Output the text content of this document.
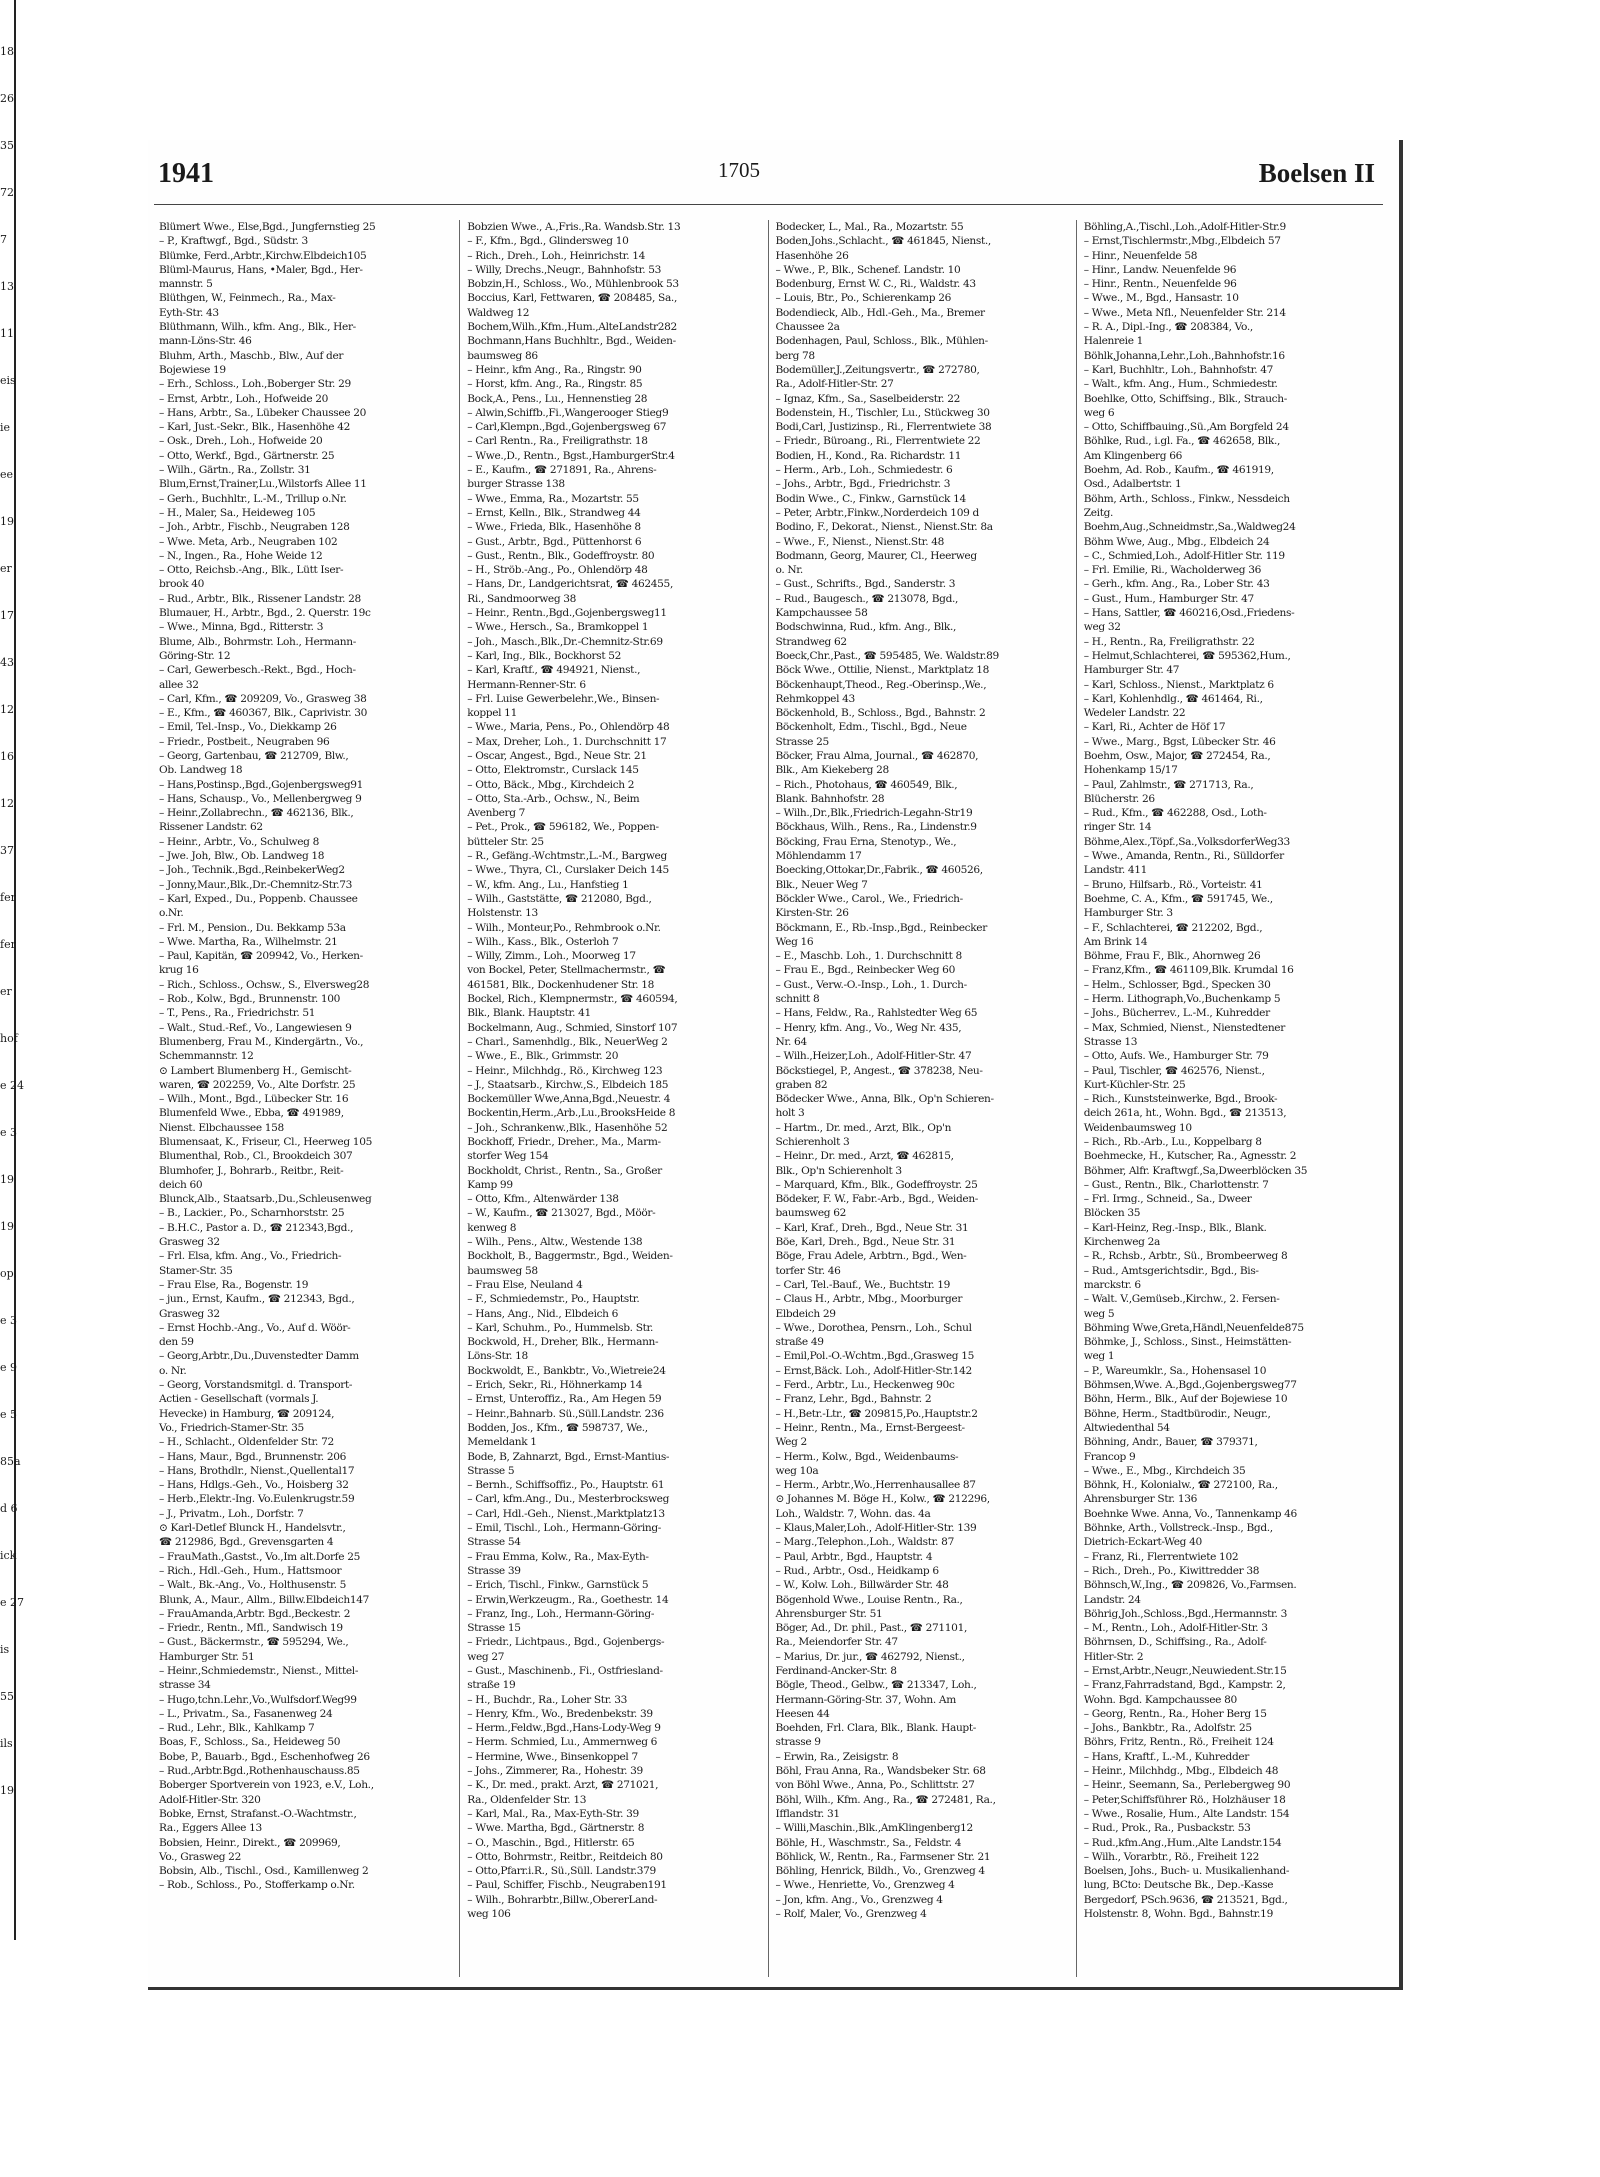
18
26
35
72
7
13
11
eis
ie
ee
19
er
17
43
12
16
12
37
fer
fer
er
hof
e 24
e 3
19
19
op,
e 3
e 9
e 5
85a
d 6
ick
e 27
is
55
ils
19
1941	1705	Boelsen II
Blümert Wwe., Else,Bgd., Jungfernstieg 25
– P., Kraftwgf., Bgd., Südstr. 3
Blümke, Ferd.,Arbtr.,Kirchw.Elbdeich105
Blüml-Maurus, Hans, •Maler, Bgd., Her-
mannstr. 5
Blüthgen, W., Feinmech., Ra., Max-
Eyth-Str. 43
Blüthmann, Wilh., kfm. Ang., Blk., Her-
mann-Löns-Str. 46
Bluhm, Arth., Maschb., Blw., Auf der
Bojewiese 19
– Erh., Schloss., Loh.,Boberger Str. 29
– Ernst, Arbtr., Loh., Hofweide 20
– Hans, Arbtr., Sa., Lübeker Chaussee 20
– Karl, Just.-Sekr., Blk., Hasenhöhe 42
– Osk., Dreh., Loh., Hofweide 20
– Otto, Werkf., Bgd., Gärtnerstr. 25
– Wilh., Gärtn., Ra., Zollstr. 31
Blum,Ernst,Trainer,Lu.,Wilstorfs Allee 11
– Gerh., Buchhltr., L.-M., Trillup o.Nr.
– H., Maler, Sa., Heideweg 105
– Joh., Arbtr., Fischb., Neugraben 128
– Wwe. Meta, Arb., Neugraben 102
– N., Ingen., Ra., Hohe Weide 12
– Otto, Reichsb.-Ang., Blk., Lütt Iser-
brook 40
– Rud., Arbtr., Blk., Rissener Landstr. 28
Blumauer, H., Arbtr., Bgd., 2. Querstr. 19c
– Wwe., Minna, Bgd., Ritterstr. 3
Blume, Alb., Bohrmstr. Loh., Hermann-
Göring-Str. 12
– Carl, Gewerbesch.-Rekt., Bgd., Hoch-
allee 32
– Carl, Kfm., ☎ 209209, Vo., Grasweg 38
– E., Kfm., ☎ 460367, Blk., Caprivistr. 30
– Emil, Tel.-Insp., Vo., Diekkamp 26
– Friedr., Postbeit., Neugraben 96
– Georg, Gartenbau, ☎ 212709, Blw.,
Ob. Landweg 18
– Hans,Postinsp.,Bgd.,Gojenbergsweg91
– Hans, Schausp., Vo., Mellenbergweg 9
– Heinr.,Zollabrechn., ☎ 462136, Blk.,
Rissener Landstr. 62
– Heinr., Arbtr., Vo., Schulweg 8
– Jwe. Joh, Blw., Ob. Landweg 18
– Joh., Technik.,Bgd.,ReinbekerWeg2
– Jonny,Maur.,Blk.,Dr.-Chemnitz-Str.73
– Karl, Exped., Du., Poppenb. Chaussee
o.Nr.
– Frl. M., Pension., Du. Bekkamp 53a
– Wwe. Martha, Ra., Wilhelmstr. 21
– Paul, Kapitän, ☎ 209942, Vo., Herken-
krug 16
– Rich., Schloss., Ochsw., S., Elversweg28
– Rob., Kolw., Bgd., Brunnenstr. 100
– T., Pens., Ra., Friedrichstr. 51
– Walt., Stud.-Ref., Vo., Langewiesen 9
Blumenberg, Frau M., Kindergärtn., Vo.,
Schemmannstr. 12
⊙ Lambert Blumenberg H., Gemischt-
waren, ☎ 202259, Vo., Alte Dorfstr. 25
– Wilh., Mont., Bgd., Lübecker Str. 16
Blumenfeld Wwe., Ebba, ☎ 491989,
Nienst. Elbchaussee 158
Blumensaat, K., Friseur, Cl., Heerweg 105
Blumenthal, Rob., Cl., Brookdeich 307
Blumhofer, J., Bohrarb., Reitbr., Reit-
deich 60
Blunck,Alb., Staatsarb.,Du.,Schleusenweg
– B., Lackier., Po., Scharnhorststr. 25
– B.H.C., Pastor a. D., ☎ 212343,Bgd.,
Grasweg 32
– Frl. Elsa, kfm. Ang., Vo., Friedrich-
Stamer-Str. 35
– Frau Else, Ra., Bogenstr. 19
– jun., Ernst, Kaufm., ☎ 212343, Bgd.,
Grasweg 32
– Ernst Hochb.-Ang., Vo., Auf d. Wöör-
den 59
– Georg,Arbtr.,Du.,Duvenstedter Damm
o. Nr.
– Georg, Vorstandsmitgl. d. Transport-
Actien - Gesellschaft (vormals J.
Hevecke) in Hamburg, ☎ 209124,
Vo., Friedrich-Stamer-Str. 35
– H., Schlacht., Oldenfelder Str. 72
– Hans, Maur., Bgd., Brunnenstr. 206
– Hans, Brothdlr., Nienst.,Quellental17
– Hans, Hdlgs.-Geh., Vo., Hoisberg 32
– Herb.,Elektr.-Ing. Vo.Eulenkrugstr.59
– J., Privatm., Loh., Dorfstr. 7
⊙ Karl-Detlef Blunck H., Handelsvtr.,
☎ 212986, Bgd., Grevensgarten 4
– FrauMath.,Gastst., Vo.,Im alt.Dorfe 25
– Rich., Hdl.-Geh., Hum., Hattsmoor
– Walt., Bk.-Ang., Vo., Holthusenstr. 5
Blunk, A., Maur., Allm., Billw.Elbdeich147
– FrauAmanda,Arbtr. Bgd.,Beckestr. 2
– Friedr., Rentn., Mfl., Sandwisch 19
– Gust., Bäckermstr., ☎ 595294, We.,
Hamburger Str. 51
– Heinr.,Schmiedemstr., Nienst., Mittel-
strasse 34
– Hugo,tchn.Lehr.,Vo.,Wulfsdorf.Weg99
– L., Privatm., Sa., Fasanenweg 24
– Rud., Lehr., Blk., Kahlkamp 7
Boas, F., Schloss., Sa., Heideweg 50
Bobe, P., Bauarb., Bgd., Eschenhofweg 26
– Rud.,Arbtr.Bgd.,Rothenhauschauss.85
Boberger Sportverein von 1923, e.V., Loh.,
Adolf-Hitler-Str. 320
Bobke, Ernst, Strafanst.-O.-Wachtmstr.,
Ra., Eggers Allee 13
Bobsien, Heinr., Direkt., ☎ 209969,
Vo., Grasweg 22
Bobsin, Alb., Tischl., Osd., Kamillenweg 2
– Rob., Schloss., Po., Stofferkamp o.Nr.
Bobzien Wwe., A.,Fris.,Ra. Wandsb.Str. 13
– F., Kfm., Bgd., Glindersweg 10
– Rich., Dreh., Loh., Heinrichstr. 14
– Willy, Drechs.,Neugr., Bahnhofstr. 53
Bobzin,H., Schloss., Wo., Mühlenbrook 53
Boccius, Karl, Fettwaren, ☎ 208485, Sa.,
Waldweg 12
Bochem,Wilh.,Kfm.,Hum.,AlteLandstr282
Bochmann,Hans Buchhltr., Bgd., Weiden-
baumsweg 86
– Heinr., kfm Ang., Ra., Ringstr. 90
– Horst, kfm. Ang., Ra., Ringstr. 85
Bock,A., Pens., Lu., Hennenstieg 28
– Alwin,Schiffb.,Fi.,Wangerooger Stieg9
– Carl,Klempn.,Bgd.,Gojenbergsweg 67
– Carl Rentn., Ra., Freiligrathstr. 18
– Wwe.,D., Rentn., Bgst.,HamburgerStr.4
– E., Kaufm., ☎ 271891, Ra., Ahrens-
burger Strasse 138
– Wwe., Emma, Ra., Mozartstr. 55
– Ernst, Kelln., Blk., Strandweg 44
– Wwe., Frieda, Blk., Hasenhöhe 8
– Gust., Arbtr., Bgd., Püttenhorst 6
– Gust., Rentn., Blk., Godeffroystr. 80
– H., Ströb.-Ang., Po., Ohlendörp 48
– Hans, Dr., Landgerichtsrat, ☎ 462455,
Ri., Sandmoorweg 38
– Heinr., Rentn.,Bgd.,Gojenbergsweg11
– Wwe., Hersch., Sa., Bramkoppel 1
– Joh., Masch.,Blk.,Dr.-Chemnitz-Str.69
– Karl, Ing., Blk., Bockhorst 52
– Karl, Kraftf., ☎ 494921, Nienst.,
Hermann-Renner-Str. 6
– Frl. Luise Gewerbelehr.,We., Binsen-
koppel 11
– Wwe., Maria, Pens., Po., Ohlendörp 48
– Max, Dreher, Loh., 1. Durchschnitt 17
– Oscar, Angest., Bgd., Neue Str. 21
– Otto, Elektromstr., Curslack 145
– Otto, Bäck., Mbg., Kirchdeich 2
– Otto, Sta.-Arb., Ochsw., N., Beim
Avenberg 7
– Pet., Prok., ☎ 596182, We., Poppen-
bütteler Str. 25
– R., Gefäng.-Wchtmstr.,L.-M., Bargweg
– Wwe., Thyra, Cl., Curslaker Deich 145
– W., kfm. Ang., Lu., Hanfstieg 1
– Wilh., Gaststätte, ☎ 212080, Bgd.,
Holstenstr. 13
– Wilh., Monteur,Po., Rehmbrook o.Nr.
– Wilh., Kass., Blk., Osterloh 7
– Willy, Zimm., Loh., Moorweg 17
von Bockel, Peter, Stellmachermstr., ☎
461581, Blk., Dockenhudener Str. 18
Bockel, Rich., Klempnermstr., ☎ 460594,
Blk., Blank. Hauptstr. 41
Bockelmann, Aug., Schmied, Sinstorf 107
– Charl., Samenhdlg., Blk., NeuerWeg 2
– Wwe., E., Blk., Grimmstr. 20
– Heinr., Milchhdg., Rö., Kirchweg 123
– J., Staatsarb., Kirchw.,S., Elbdeich 185
Bockemüller Wwe,Anna,Bgd.,Neuestr. 4
Bockentin,Herm.,Arb.,Lu.,BrooksHeide 8
– Joh., Schrankenw.,Blk., Hasenhöhe 52
Bockhoff, Friedr., Dreher., Ma., Marm-
storfer Weg 154
Bockholdt, Christ., Rentn., Sa., Großer
Kamp 99
– Otto, Kfm., Altenwärder 138
– W., Kaufm., ☎ 213027, Bgd., Möör-
kenweg 8
– Wilh., Pens., Altw., Westende 138
Bockholt, B., Baggermstr., Bgd., Weiden-
baumsweg 58
– Frau Else, Neuland 4
– F., Schmiedemstr., Po., Hauptstr.
– Hans, Ang., Nid., Elbdeich 6
– Karl, Schuhm., Po., Hummelsb. Str.
Bockwold, H., Dreher, Blk., Hermann-
Löns-Str. 18
Bockwoldt, E., Bankbtr., Vo.,Wietreie24
– Erich, Sekr., Ri., Höhnerkamp 14
– Ernst, Unteroffiz., Ra., Am Hegen 59
– Heinr.,Bahnarb. Sü.,Süll.Landstr. 236
Bodden, Jos., Kfm., ☎ 598737, We.,
Memeldank 1
Bode, B, Zahnarzt, Bgd., Ernst-Mantius-
Strasse 5
– Bernh., Schiffsoffiz., Po., Hauptstr. 61
– Carl, kfm.Ang., Du., Mesterbrocksweg
– Carl, Hdl.-Geh., Nienst.,Marktplatz13
– Emil, Tischl., Loh., Hermann-Göring-
Strasse 54
– Frau Emma, Kolw., Ra., Max-Eyth-
Strasse 39
– Erich, Tischl., Finkw., Garnstück 5
– Erwin,Werkzeugm., Ra., Goethestr. 14
– Franz, Ing., Loh., Hermann-Göring-
Strasse 15
– Friedr., Lichtpaus., Bgd., Gojenbergs-
weg 27
– Gust., Maschinenb., Fi., Ostfriesland-
straße 19
– H., Buchdr., Ra., Loher Str. 33
– Henry, Kfm., Wo., Bredenbekstr. 39
– Herm.,Feldw.,Bgd.,Hans-Lody-Weg 9
– Herm. Schmied, Lu., Ammernweg 6
– Hermine, Wwe., Binsenkoppel 7
– Johs., Zimmerer, Ra., Hohestr. 39
– K., Dr. med., prakt. Arzt, ☎ 271021,
Ra., Oldenfelder Str. 13
– Karl, Mal., Ra., Max-Eyth-Str. 39
– Wwe. Martha, Bgd., Gärtnerstr. 8
– O., Maschin., Bgd., Hitlerstr. 65
– Otto, Bohrmstr., Reitbr., Reitdeich 80
– Otto,Pfarr.i.R., Sü.,Süll. Landstr.379
– Paul, Schiffer, Fischb., Neugraben191
– Wilh., Bohrarbtr.,Billw.,ObererLand-
weg 106
Bodecker, L., Mal., Ra., Mozartstr. 55
Boden,Johs.,Schlacht., ☎ 461845, Nienst.,
Hasenhöhe 26
– Wwe., P., Blk., Schenef. Landstr. 10
Bodenburg, Ernst W. C., Ri., Waldstr. 43
– Louis, Btr., Po., Schierenkamp 26
Bodendieck, Alb., Hdl.-Geh., Ma., Bremer
Chaussee 2a
Bodenhagen, Paul, Schloss., Blk., Mühlen-
berg 78
Bodemüller,J.,Zeitungsvertr., ☎ 272780,
Ra., Adolf-Hitler-Str. 27
– Ignaz, Kfm., Sa., Saselbeiderstr. 22
Bodenstein, H., Tischler, Lu., Stückweg 30
Bodi,Carl, Justizinsp., Ri., Flerrentwiete 38
– Friedr., Büroang., Ri., Flerrentwiete 22
Bodien, H., Kond., Ra. Richardstr. 11
– Herm., Arb., Loh., Schmiedestr. 6
– Johs., Arbtr., Bgd., Friedrichstr. 3
Bodin Wwe., C., Finkw., Garnstück 14
– Peter, Arbtr.,Finkw.,Norderdeich 109 d
Bodino, F., Dekorat., Nienst., Nienst.Str. 8a
– Wwe., F., Nienst., Nienst.Str. 48
Bodmann, Georg, Maurer, Cl., Heerweg
o. Nr.
– Gust., Schrifts., Bgd., Sanderstr. 3
– Rud., Baugesch., ☎ 213078, Bgd.,
Kampchaussee 58
Bodschwinna, Rud., kfm. Ang., Blk.,
Strandweg 62
Boeck,Chr.,Past., ☎ 595485, We. Waldstr.89
Böck Wwe., Ottilie, Nienst., Marktplatz 18
Böckenhaupt,Theod., Reg.-Oberinsp.,We.,
Rehmkoppel 43
Böckenhold, B., Schloss., Bgd., Bahnstr. 2
Böckenholt, Edm., Tischl., Bgd., Neue
Strasse 25
Böcker, Frau Alma, Journal., ☎ 462870,
Blk., Am Kiekeberg 28
– Rich., Photohaus, ☎ 460549, Blk.,
Blank. Bahnhofstr. 28
– Wilh.,Dr.,Blk.,Friedrich-Legahn-Str19
Böckhaus, Wilh., Rens., Ra., Lindenstr.9
Böcking, Frau Erna, Stenotyp., We.,
Möhlendamm 17
Boecking,Ottokar,Dr.,Fabrik., ☎ 460526,
Blk., Neuer Weg 7
Böckler Wwe., Carol., We., Friedrich-
Kirsten-Str. 26
Böckmann, E., Rb.-Insp.,Bgd., Reinbecker
Weg 16
– E., Maschb. Loh., 1. Durchschnitt 8
– Frau E., Bgd., Reinbecker Weg 60
– Gust., Verw.-O.-Insp., Loh., 1. Durch-
schnitt 8
– Hans, Feldw., Ra., Rahlstedter Weg 65
– Henry, kfm. Ang., Vo., Weg Nr. 435,
Nr. 64
– Wilh.,Heizer,Loh., Adolf-Hitler-Str. 47
Böckstiegel, P., Angest., ☎ 378238, Neu-
graben 82
Bödecker Wwe., Anna, Blk., Op'n Schieren-
holt 3
– Hartm., Dr. med., Arzt, Blk., Op'n
Schierenholt 3
– Heinr., Dr. med., Arzt, ☎ 462815,
Blk., Op'n Schierenholt 3
– Marquard, Kfm., Blk., Godeffroystr. 25
Bödeker, F. W., Fabr.-Arb., Bgd., Weiden-
baumsweg 62
– Karl, Kraf., Dreh., Bgd., Neue Str. 31
Böe, Karl, Dreh., Bgd., Neue Str. 31
Böge, Frau Adele, Arbtrn., Bgd., Wen-
torfer Str. 46
– Carl, Tel.-Bauf., We., Buchtstr. 19
– Claus H., Arbtr., Mbg., Moorburger
Elbdeich 29
– Wwe., Dorothea, Pensrn., Loh., Schul
straße 49
– Emil,Pol.-O.-Wchtm.,Bgd.,Grasweg 15
– Ernst,Bäck. Loh., Adolf-Hitler-Str.142
– Ferd., Arbtr., Lu., Heckenweg 90c
– Franz, Lehr., Bgd., Bahnstr. 2
– H.,Betr.-Ltr., ☎ 209815,Po.,Hauptstr.2
– Heinr., Rentn., Ma., Ernst-Bergeest-
Weg 2
– Herm., Kolw., Bgd., Weidenbaums-
weg 10a
– Herm., Arbtr.,Wo.,Herrenhausallee 87
⊙ Johannes M. Böge H., Kolw., ☎ 212296,
Loh., Waldstr. 7, Wohn. das. 4a
– Klaus,Maler,Loh., Adolf-Hitler-Str. 139
– Marg.,Telephon.,Loh., Waldstr. 87
– Paul, Arbtr., Bgd., Hauptstr. 4
– Rud., Arbtr., Osd., Heidkamp 6
– W., Kolw. Loh., Billwärder Str. 48
Bögenhold Wwe., Louise Rentn., Ra.,
Ahrensburger Str. 51
Böger, Ad., Dr. phil., Past., ☎ 271101,
Ra., Meiendorfer Str. 47
– Marius, Dr. jur., ☎ 462792, Nienst.,
Ferdinand-Ancker-Str. 8
Bögle, Theod., Gelbw., ☎ 213347, Loh.,
Hermann-Göring-Str. 37, Wohn. Am
Heesen 44
Boehden, Frl. Clara, Blk., Blank. Haupt-
strasse 9
– Erwin, Ra., Zeisigstr. 8
Böhl, Frau Anna, Ra., Wandsbeker Str. 68
von Böhl Wwe., Anna, Po., Schlittstr. 27
Böhl, Wilh., Kfm. Ang., Ra., ☎ 272481, Ra.,
Ifflandstr. 31
– Willi,Maschin.,Blk.,AmKlingenberg12
Böhle, H., Waschmstr., Sa., Feldstr. 4
Böhlick, W., Rentn., Ra., Farmsener Str. 21
Böhling, Henrick, Bildh., Vo., Grenzweg 4
– Wwe., Henriette, Vo., Grenzweg 4
– Jon, kfm. Ang., Vo., Grenzweg 4
– Rolf, Maler, Vo., Grenzweg 4
Böhling,A.,Tischl.,Loh.,Adolf-Hitler-Str.9
– Ernst,Tischlermstr.,Mbg.,Elbdeich 57
– Hinr., Neuenfelde 58
– Hinr., Landw. Neuenfelde 96
– Hinr., Rentn., Neuenfelde 96
– Wwe., M., Bgd., Hansastr. 10
– Wwe., Meta Nfl., Neuenfelder Str. 214
– R. A., Dipl.-Ing., ☎ 208384, Vo.,
Halenreie 1
Böhlk,Johanna,Lehr.,Loh.,Bahnhofstr.16
– Karl, Buchhltr., Loh., Bahnhofstr. 47
– Walt., kfm. Ang., Hum., Schmiedestr.
Boehlke, Otto, Schiffsing., Blk., Strauch-
weg 6
– Otto, Schiffbauing.,Sü.,Am Borgfeld 24
Böhlke, Rud., i.gl. Fa., ☎ 462658, Blk.,
Am Klingenberg 66
Boehm, Ad. Rob., Kaufm., ☎ 461919,
Osd., Adalbertstr. 1
Böhm, Arth., Schloss., Finkw., Nessdeich
Zeitg.
Boehm,Aug.,Schneidmstr.,Sa.,Waldweg24
Böhm Wwe, Aug., Mbg., Elbdeich 24
– C., Schmied,Loh., Adolf-Hitler Str. 119
– Frl. Emilie, Ri., Wacholderweg 36
– Gerh., kfm. Ang., Ra., Lober Str. 43
– Gust., Hum., Hamburger Str. 47
– Hans, Sattler, ☎ 460216,Osd.,Friedens-
weg 32
– H., Rentn., Ra, Freiligrathstr. 22
– Helmut,Schlachterei, ☎ 595362,Hum.,
Hamburger Str. 47
– Karl, Schloss., Nienst., Marktplatz 6
– Karl, Kohlenhdlg., ☎ 461464, Ri.,
Wedeler Landstr. 22
– Karl, Ri., Achter de Höf 17
– Wwe., Marg., Bgst, Lübecker Str. 46
Boehm, Osw., Major, ☎ 272454, Ra.,
Hohenkamp 15/17
– Paul, Zahlmstr., ☎ 271713, Ra.,
Blücherstr. 26
– Rud., Kfm., ☎ 462288, Osd., Loth-
ringer Str. 14
Böhme,Alex.,Töpf.,Sa.,VolksdorferWeg33
– Wwe., Amanda, Rentn., Ri., Sülldorfer
Landstr. 411
– Bruno, Hilfsarb., Rö., Vorteistr. 41
Boehme, C. A., Kfm., ☎ 591745, We.,
Hamburger Str. 3
– F., Schlachterei, ☎ 212202, Bgd.,
Am Brink 14
Böhme, Frau F., Blk., Ahornweg 26
– Franz,Kfm., ☎ 461109,Blk. Krumdal 16
– Helm., Schlosser, Bgd., Specken 30
– Herm. Lithograph,Vo.,Buchenkamp 5
– Johs., Bücherrev., L.-M., Kuhredder
– Max, Schmied, Nienst., Nienstedtener
Strasse 13
– Otto, Aufs. We., Hamburger Str. 79
– Paul, Tischler, ☎ 462576, Nienst.,
Kurt-Küchler-Str. 25
– Rich., Kunststeinwerke, Bgd., Brook-
deich 261a, ht., Wohn. Bgd., ☎ 213513,
Weidenbaumsweg 10
– Rich., Rb.-Arb., Lu., Koppelbarg 8
Boehmecke, H., Kutscher, Ra., Agnesstr. 2
Böhmer, Alfr. Kraftwgf.,Sa,Dweerblöcken 35
– Gust., Rentn., Blk., Charlottenstr. 7
– Frl. Irmg., Schneid., Sa., Dweer
Blöcken 35
– Karl-Heinz, Reg.-Insp., Blk., Blank.
Kirchenweg 2a
– R., Rchsb., Arbtr., Sü., Brombeerweg 8
– Rud., Amtsgerichtsdir., Bgd., Bis-
marckstr. 6
– Walt. V.,Gemüseb.,Kirchw., 2. Fersen-
weg 5
Böhming Wwe,Greta,Händl,Neuenfelde875
Böhmke, J., Schloss., Sinst., Heimstätten-
weg 1
– P., Wareumklr., Sa., Hohensasel 10
Böhmsen,Wwe. A.,Bgd.,Gojenbergsweg77
Böhn, Herm., Blk., Auf der Bojewiese 10
Böhne, Herm., Stadtbürodir., Neugr.,
Altwiedenthal 54
Böhning, Andr., Bauer, ☎ 379371,
Francop 9
– Wwe., E., Mbg., Kirchdeich 35
Böhnk, H., Kolonialw., ☎ 272100, Ra.,
Ahrensburger Str. 136
Boehnke Wwe. Anna, Vo., Tannenkamp 46
Böhnke, Arth., Vollstreck.-Insp., Bgd.,
Dietrich-Eckart-Weg 40
– Franz, Ri., Flerrentwiete 102
– Rich., Dreh., Po., Kiwittredder 38
Böhnsch,W.,Ing., ☎ 209826, Vo.,Farmsen.
Landstr. 24
Böhrig,Joh.,Schloss.,Bgd.,Hermannstr. 3
– M., Rentn., Loh., Adolf-Hitler-Str. 3
Böhrnsen, D., Schiffsing., Ra., Adolf-
Hitler-Str. 2
– Ernst,Arbtr.,Neugr.,Neuwiedent.Str.15
– Franz,Fahrradstand, Bgd., Kampstr. 2,
Wohn. Bgd. Kampchaussee 80
– Georg, Rentn., Ra., Hoher Berg 15
– Johs., Bankbtr., Ra., Adolfstr. 25
Böhrs, Fritz, Rentn., Rö., Freiheit 124
– Hans, Kraftf., L.-M., Kuhredder
– Heinr., Milchhdg., Mbg., Elbdeich 48
– Heinr., Seemann, Sa., Perlebergweg 90
– Peter,Schiffsführer Rö., Holzhäuser 18
– Wwe., Rosalie, Hum., Alte Landstr. 154
– Rud., Prok., Ra., Pusbackstr. 53
– Rud.,kfm.Ang.,Hum.,Alte Landstr.154
– Wilh., Vorarbtr., Rö., Freiheit 122
Boelsen, Johs., Buch- u. Musikalienhand-
lung, BCto: Deutsche Bk., Dep.-Kasse
Bergedorf, PSch.9636, ☎ 213521, Bgd.,
Holstenstr. 8, Wohn. Bgd., Bahnstr.19
